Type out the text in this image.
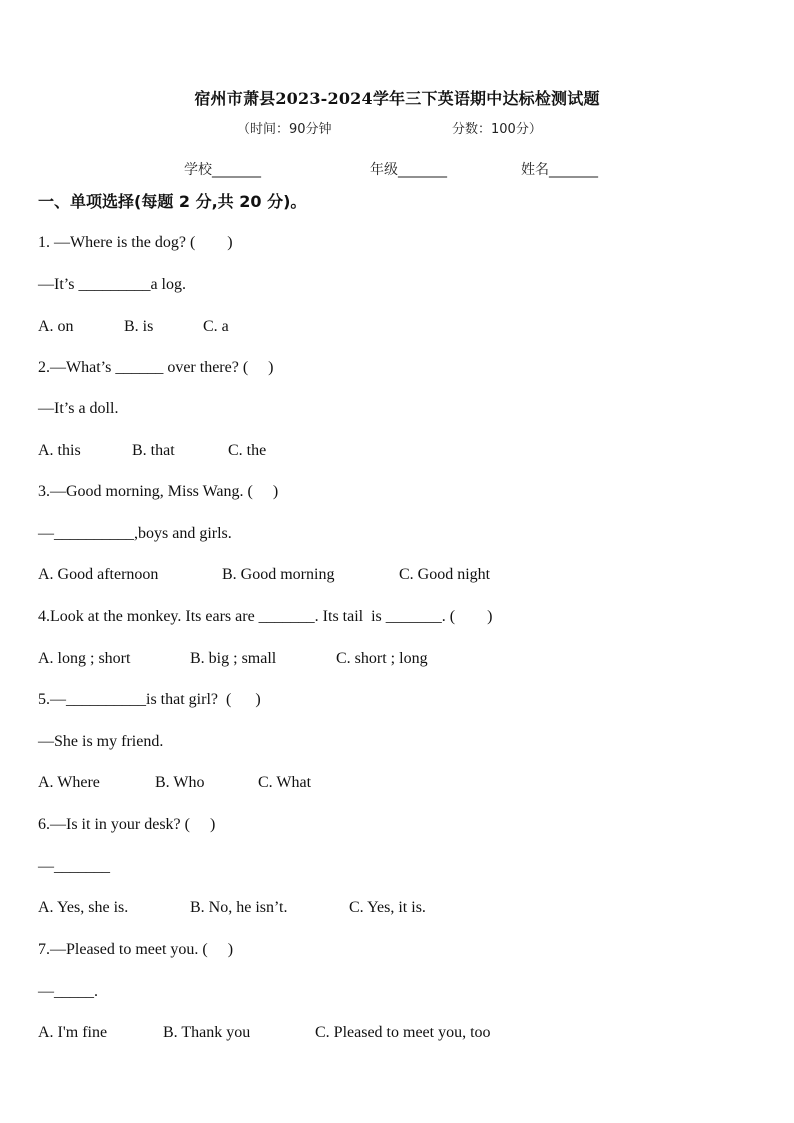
宿州市萧县2023-2024学年三下英语期中达标检测试题
（时间：90分钟	分数：100分）
学校_______	年级_______	姓名_______
一、单项选择(每题 2 分,共 20 分)。
1. —Where is the dog? (        )
—It’s _________a log.
A. on	B. is	C. a
2.—What’s ______ over there? (     )
—It’s a doll.
A. this	B. that	C. the
3.—Good morning, Miss Wang. (     )
—__________,boys and girls.
A. Good afternoon	B. Good morning	C. Good night
4.Look at the monkey. Its ears are _______. Its tail  is _______. (        )
A. long ; short	B. big ; small	C. short ; long
5.—__________is that girl?  (      )
—She is my friend.
A. Where	B. Who	C. What
6.—Is it in your desk? (     )
—_______
A. Yes, she is.	B. No, he isn’t.	C. Yes, it is.
7.—Pleased to meet you. (     )
—_____.
A. I'm fine	B. Thank you	C. Pleased to meet you, too
